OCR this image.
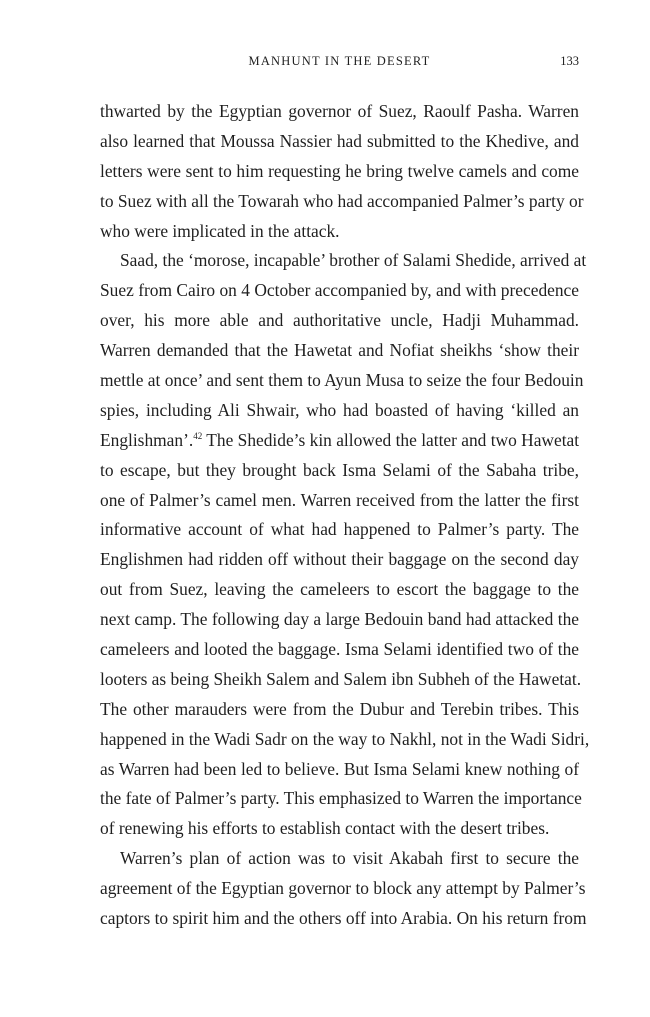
MANHUNT IN THE DESERT	133
thwarted by the Egyptian governor of Suez, Raoulf Pasha. Warren
also learned that Moussa Nassier had submitted to the Khedive, and
letters were sent to him requesting he bring twelve camels and come
to Suez with all the Towarah who had accompanied Palmer’s party or
who were implicated in the attack.
Saad, the ‘morose, incapable’ brother of Salami Shedide, arrived at
Suez from Cairo on 4 October accompanied by, and with precedence
over, his more able and authoritative uncle, Hadji Muhammad.
Warren demanded that the Hawetat and Nofiat sheikhs ‘show their
mettle at once’ and sent them to Ayun Musa to seize the four Bedouin
spies, including Ali Shwair, who had boasted of having ‘killed an
Englishman’.$^{42}$ The Shedide’s kin allowed the latter and two Hawetat
to escape, but they brought back Isma Selami of the Sabaha tribe,
one of Palmer’s camel men. Warren received from the latter the first
informative account of what had happened to Palmer’s party. The
Englishmen had ridden off without their baggage on the second day
out from Suez, leaving the cameleers to escort the baggage to the
next camp. The following day a large Bedouin band had attacked the
cameleers and looted the baggage. Isma Selami identified two of the
looters as being Sheikh Salem and Salem ibn Subheh of the Hawetat.
The other marauders were from the Dubur and Terebin tribes. This
happened in the Wadi Sadr on the way to Nakhl, not in the Wadi Sidri,
as Warren had been led to believe. But Isma Selami knew nothing of
the fate of Palmer’s party. This emphasized to Warren the importance
of renewing his efforts to establish contact with the desert tribes.
Warren’s plan of action was to visit Akabah first to secure the
agreement of the Egyptian governor to block any attempt by Palmer’s
captors to spirit him and the others off into Arabia. On his return from
